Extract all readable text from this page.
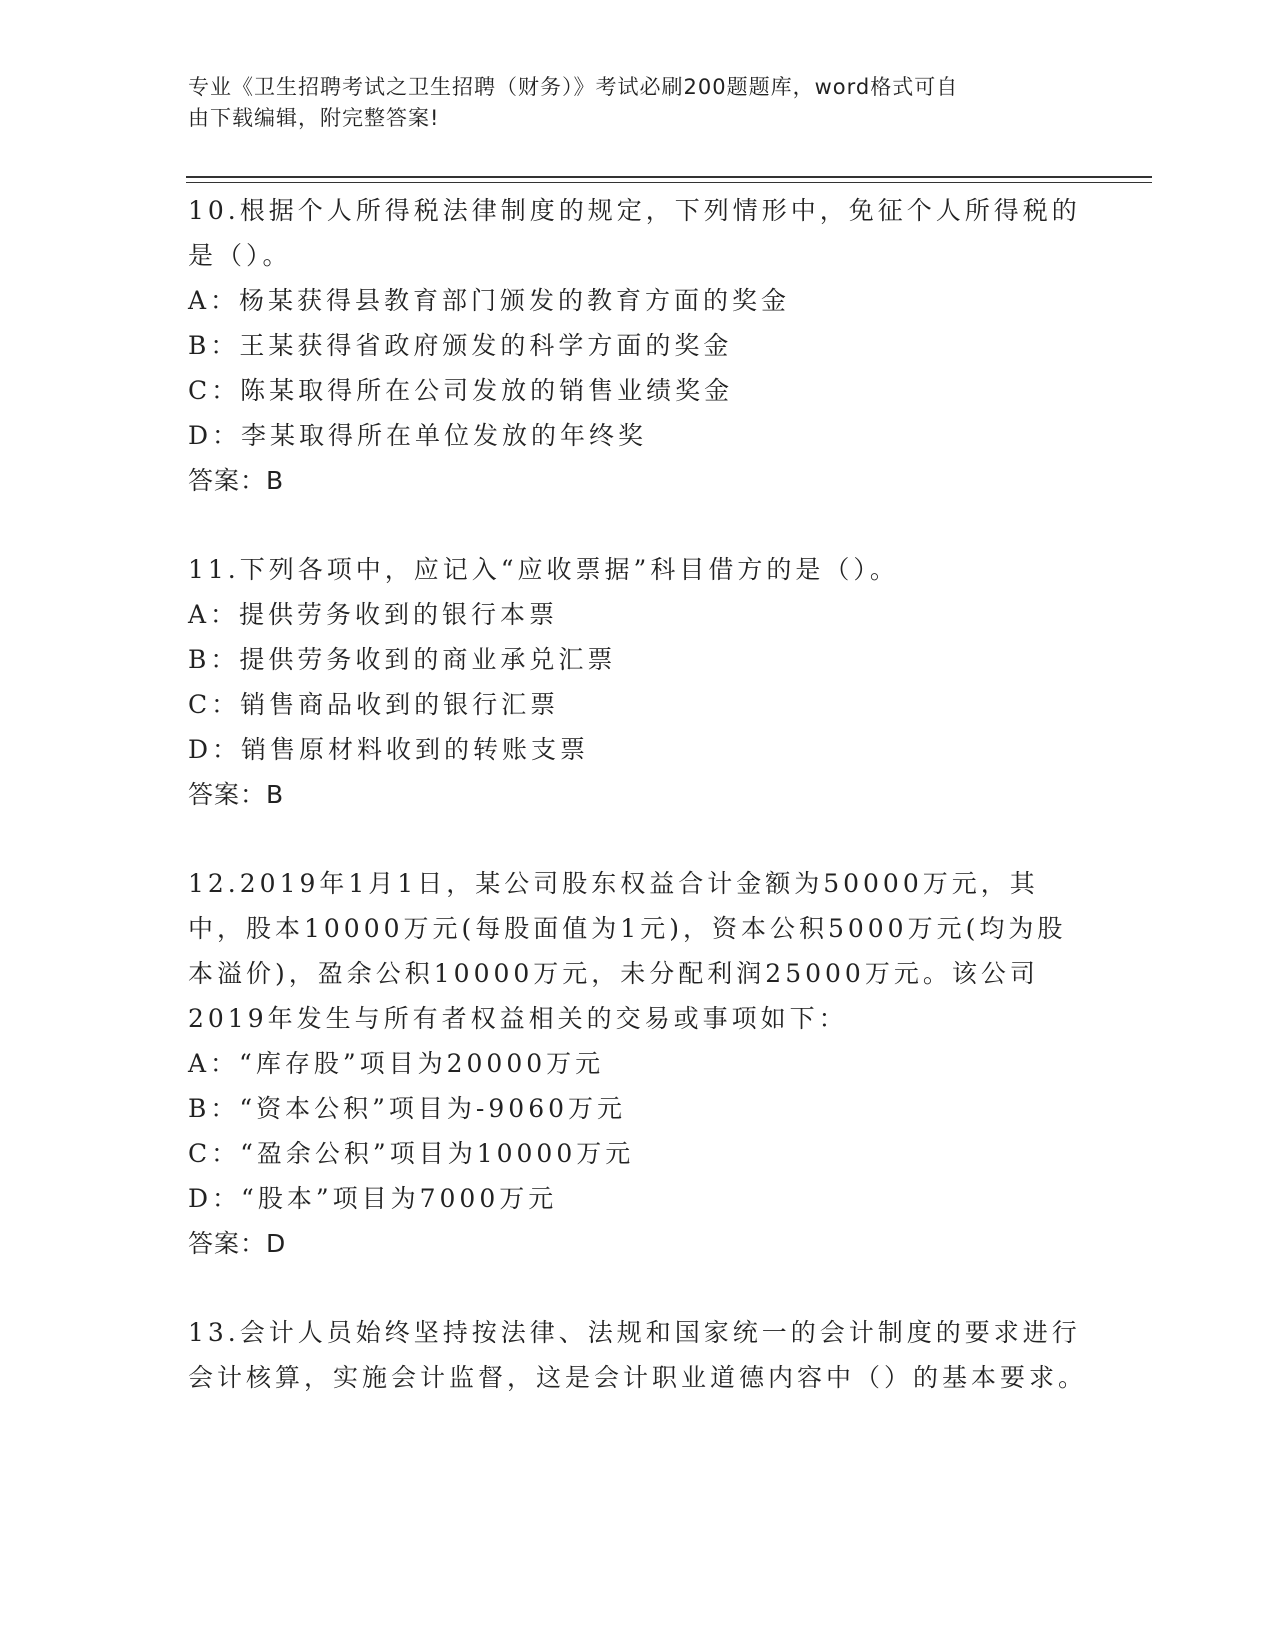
专业《卫生招聘考试之卫生招聘（财务）》考试必刷200题题库，word格式可自
由下载编辑，附完整答案!
10.根据个人所得税法律制度的规定，下列情形中，免征个人所得税的是（）。
A：杨某获得县教育部门颁发的教育方面的奖金
B：王某获得省政府颁发的科学方面的奖金
C：陈某取得所在公司发放的销售业绩奖金
D：李某取得所在单位发放的年终奖
答案：B
11.下列各项中，应记入“应收票据”科目借方的是（）。
A：提供劳务收到的银行本票
B：提供劳务收到的商业承兑汇票
C：销售商品收到的银行汇票
D：销售原材料收到的转账支票
答案：B
12.2019年1月1日，某公司股东权益合计金额为50000万元，其中，股本10000万元(每股面值为1元)，资本公积5000万元(均为股本溢价)，盈余公积10000万元，未分配利润25000万元。该公司2019年发生与所有者权益相关的交易或事项如下：
A：“库存股”项目为20000万元
B：“资本公积”项目为-9060万元
C：“盈余公积”项目为10000万元
D：“股本”项目为7000万元
答案：D
13.会计人员始终坚持按法律、法规和国家统一的会计制度的要求进行会计核算，实施会计监督，这是会计职业道德内容中（）的基本要求。
